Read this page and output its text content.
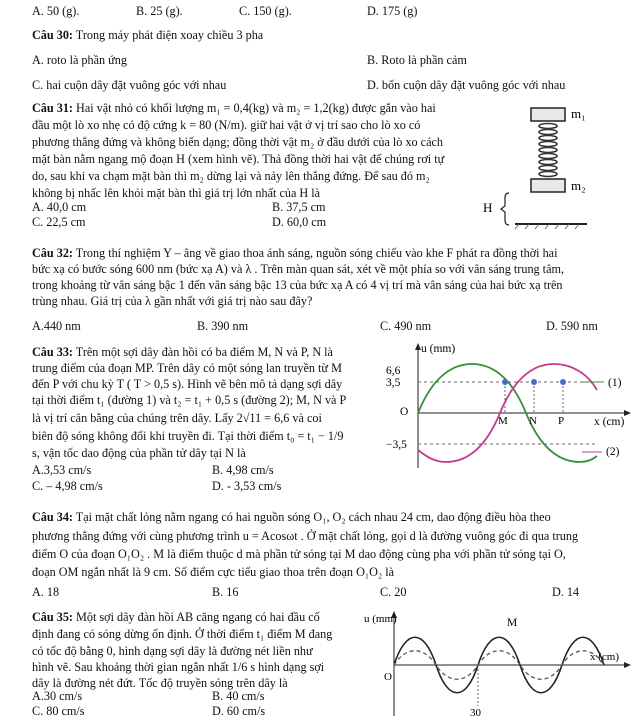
A. 50 (g).	B. 25 (g).	C. 150 (g).	D. 175 (g)
Câu 30: Trong máy phát điện xoay chiều 3 pha
A. roto là phần ứng	B. Roto là phần cảm
C. hai cuộn dây đặt vuông góc với nhau	D. bốn cuộn dây đặt vuông góc với nhau
Câu 31: Hai vật nhỏ có khối lượng m₁ = 0,4(kg) và m₂ = 1,2(kg) được gắn vào hai
đầu một lò xo nhẹ có độ cứng k = 80 (N/m). giữ hai vật ở vị trí sao cho lò xo có
phương thẳng đứng và không biến dạng; đồng thời vật m₂ ở đầu dưới của lò xo cách
mặt bàn nằm ngang mộ đoạn H (xem hình vẽ). Thả đồng thời hai vật để chúng rơi tự
do, sau khi va chạm mặt bàn thì m₂ dừng lại và nảy lên thẳng đứng. Để sau đó m₂
không bị nhấc lên khỏi mặt bàn thì giá trị lớn nhất của H là
A. 40,0 cm	B. 37,5 cm
C. 22,5 cm	D. 60,0 cm
m₁
m₂
H
Câu 32: Trong thí nghiệm Y – âng về giao thoa ánh sáng, nguồn sóng chiếu vào khe F phát ra đồng thời hai
bức xạ có bước sóng 600 nm (bức xạ A) và λ . Trên màn quan sát, xét về một phía so với vân sáng trung tâm,
trong khoảng từ vân sáng bậc 1 đến vân sáng bậc 13 của bức xạ A có 4 vị trí mà vân sáng của hai bức xạ trên
trùng nhau. Giá trị của λ gần nhất với giá trị nào sau đây?
A.440 nm	B. 390 nm	C. 490 nm	D. 590 nm
Câu 33: Trên một sợi dây đàn hồi có ba điểm M, N và P, N là
trung điểm của đoạn MP. Trên dây có một sóng lan truyền từ M
đến P với chu kỳ T ( T > 0,5 s). Hình vẽ bên mô tả dạng sợi dây
tại thời điểm t₁ (đường 1) và t₂ = t₁ + 0,5 s (đường 2); M, N và P
là vị trí cân bằng của chúng trên dây. Lấy 2√11 = 6,6 và coi
biên độ sóng không đổi khi truyền đi. Tại thời điểm t₀ = t₁ − 1/9
s, vận tốc dao động của phần tử dây tại N là
A.3,53 cm/s	B. 4,98 cm/s
C. – 4,98 cm/s	D. - 3,53 cm/s
u (mm)
6,6
3,5
−3,5
O
M N P	x (cm)
(1)
(2)
Câu 34: Tại mặt chất lỏng nằm ngang có hai nguồn sóng O₁, O₂ cách nhau 24 cm, dao động điều hòa theo
phương thẳng đứng với cùng phương trình u = Acosωt . Ở mặt chất lỏng, gọi d là đường vuông góc đi qua trung
điểm O của đoạn O₁O₂ . M là điểm thuộc d mà phần tử sóng tại M dao động cùng pha với phần tử sóng tại O,
đoạn OM ngắn nhất là 9 cm. Số điểm cực tiểu giao thoa trên đoạn O₁O₂ là
A. 18	B. 16	C. 20	D. 14
Câu 35: Một sợi dây đàn hồi AB căng ngang có hai đầu cố
định đang có sóng dừng ổn định. Ở thời điểm t₁ điểm M đang
có tốc độ bằng 0, hình dạng sợi dây là đường nét liền như
hình vẽ. Sau khoảng thời gian ngắn nhất 1/6 s hình dạng sợi
dây là đường nét đứt. Tốc độ truyền sóng trên dây là
A.30 cm/s	B. 40 cm/s
C. 80 cm/s	D. 60 cm/s
u (mm)	M
x (cm)
O
30
